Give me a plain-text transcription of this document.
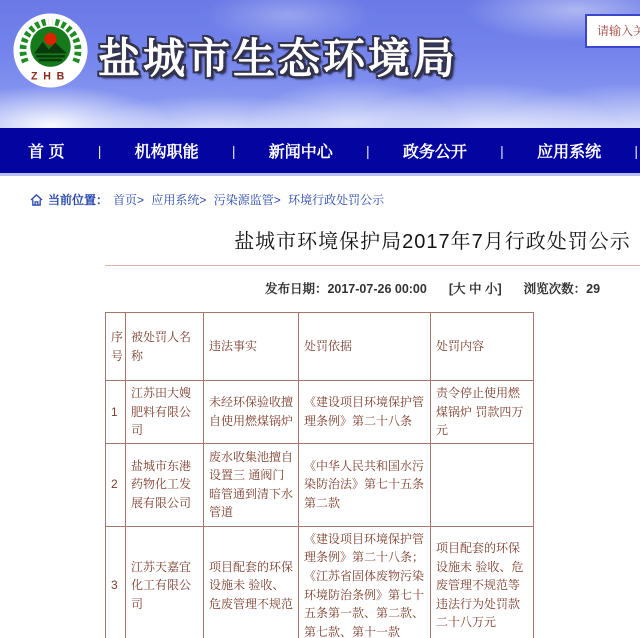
ZHB 盐城市生态环境局
请输入关键词
首 页 | 机构职能 | 新闻中心 | 政务公开 | 应用系统 |
当前位置： 首页> 应用系统> 污染源监管> 环境行政处罚公示
盐城市环境保护局2017年7月行政处罚公示
发布日期：2017-07-26 00:00 [大 中 小] 浏览次数：29
序号	被处罚人名称	违法事实	处罚依据	处罚内容
1	江苏田大嫂肥料有限公司	未经环保验收擅自使用燃煤锅炉	《建设项目环境保护管 理条例》第二十八条	责令停止使用燃煤锅炉 罚款四万元
2	盐城市东港药物化工发展有限公司	废水收集池擅自设置三 通阀门暗管通到清下水管道	《中华人民共和国水污染防治法》第七十五条第二款	
3	江苏天嘉宜化工有限公司	项目配套的环保设施未 验收、危废管理不规范	《建设项目环境保护管 理条例》第二十八条；《江苏省固体废物污染环境防治条例》第七十五条第一款、第二款、第七款、第十一款	项目配套的环保设施未 验收、危废管理不规范等违法行为处罚款二十八万元
